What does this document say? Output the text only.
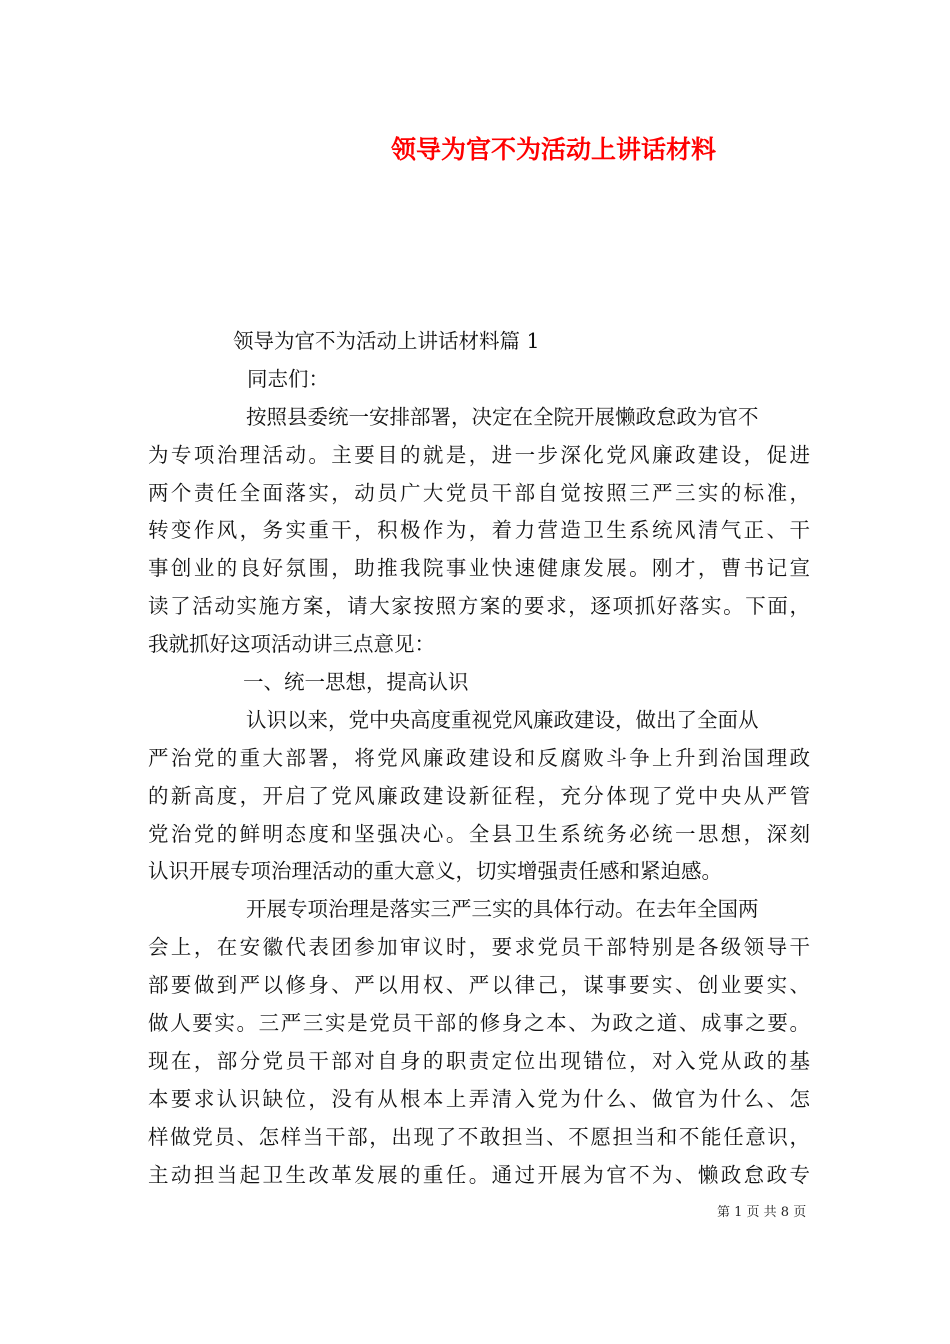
领导为官不为活动上讲话材料
领导为官不为活动上讲话材料篇 1
同志们：
按照县委统一安排部署，决定在全院开展懒政怠政为官不
为专项治理活动。主要目的就是，进一步深化党风廉政建设，促进
两个责任全面落实，动员广大党员干部自觉按照三严三实的标准，
转变作风，务实重干，积极作为，着力营造卫生系统风清气正、干
事创业的良好氛围，助推我院事业快速健康发展。刚才，曹书记宣
读了活动实施方案，请大家按照方案的要求，逐项抓好落实。下面，
我就抓好这项活动讲三点意见：
一、统一思想，提高认识
认识以来，党中央高度重视党风廉政建设，做出了全面从
严治党的重大部署，将党风廉政建设和反腐败斗争上升到治国理政
的新高度，开启了党风廉政建设新征程，充分体现了党中央从严管
党治党的鲜明态度和坚强决心。全县卫生系统务必统一思想，深刻
认识开展专项治理活动的重大意义，切实增强责任感和紧迫感。
开展专项治理是落实三严三实的具体行动。在去年全国两
会上，在安徽代表团参加审议时，要求党员干部特别是各级领导干
部要做到严以修身、严以用权、严以律己，谋事要实、创业要实、
做人要实。三严三实是党员干部的修身之本、为政之道、成事之要。
现在，部分党员干部对自身的职责定位出现错位，对入党从政的基
本要求认识缺位，没有从根本上弄清入党为什么、做官为什么、怎
样做党员、怎样当干部，出现了不敢担当、不愿担当和不能任意识，
主动担当起卫生改革发展的重任。通过开展为官不为、懒政怠政专
第 1 页 共 8 页
